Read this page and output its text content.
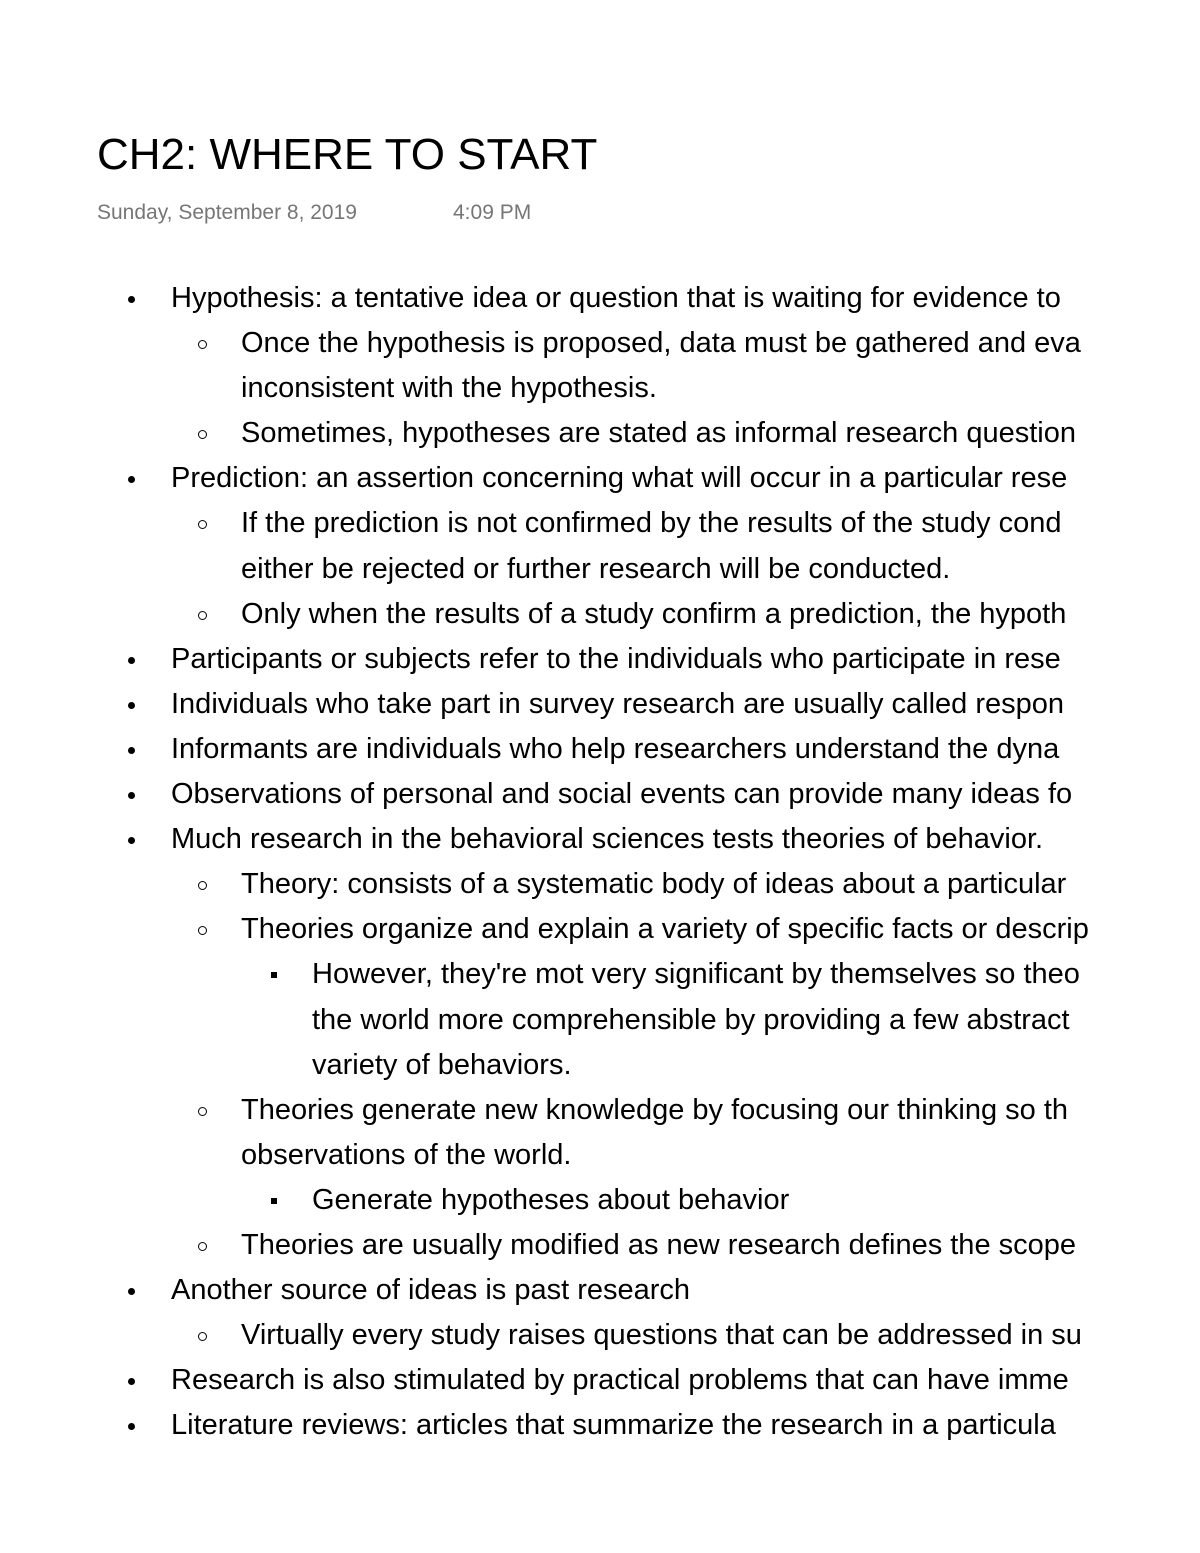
CH2: WHERE TO START
Sunday, September 8, 2019	4:09 PM
Hypothesis: a tentative idea or question that is waiting for evidence to
Once the hypothesis is proposed, data must be gathered and eva
inconsistent with the hypothesis.
Sometimes, hypotheses are stated as informal research question
Prediction: an assertion concerning what will occur in a particular rese
If the prediction is not confirmed by the results of the study cond
either be rejected or further research will be conducted.
Only when the results of a study confirm a prediction, the hypoth
Participants or subjects refer to the individuals who participate in rese
Individuals who take part in survey research are usually called respon
Informants are individuals who help researchers understand the dyna
Observations of personal and social events can provide many ideas fo
Much research in the behavioral sciences tests theories of behavior.
Theory: consists of a systematic body of ideas about a particular
Theories organize and explain a variety of specific facts or descrip
However, they're mot very significant by themselves so theo
the world more comprehensible by providing a few abstract
variety of behaviors.
Theories generate new knowledge by focusing our thinking so th
observations of the world.
Generate hypotheses about behavior
Theories are usually modified as new research defines the scope
Another source of ideas is past research
Virtually every study raises questions that can be addressed in su
Research is also stimulated by practical problems that can have imme
Literature reviews: articles that summarize the research in a particula
